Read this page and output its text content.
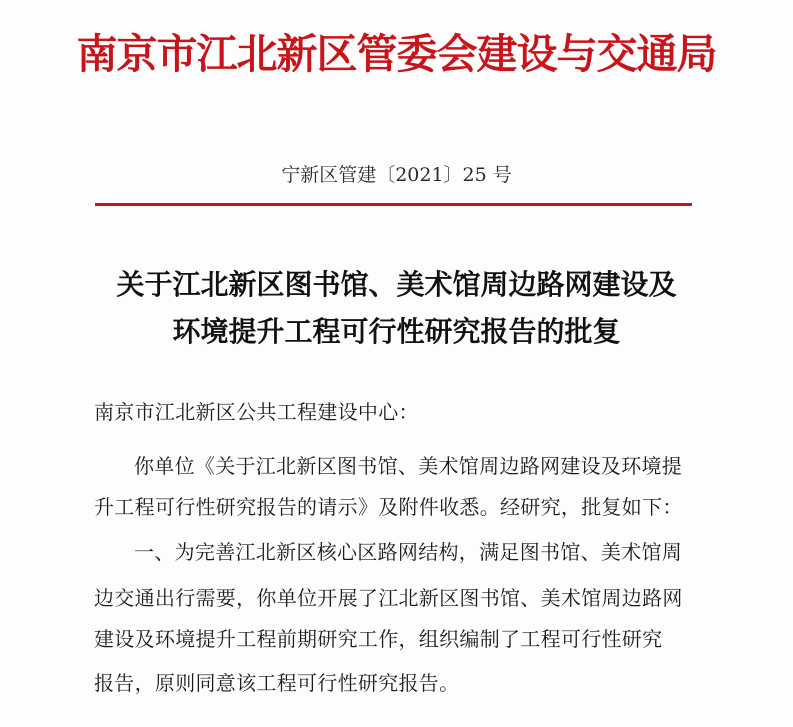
南京市江北新区管委会建设与交通局
宁新区管建〔2021〕25 号
关于江北新区图书馆、美术馆周边路网建设及
环境提升工程可行性研究报告的批复
南京市江北新区公共工程建设中心：
你单位《关于江北新区图书馆、美术馆周边路网建设及环境提
升工程可行性研究报告的请示》及附件收悉。经研究，批复如下：
一、为完善江北新区核心区路网结构，满足图书馆、美术馆周
边交通出行需要，你单位开展了江北新区图书馆、美术馆周边路网
建设及环境提升工程前期研究工作，组织编制了工程可行性研究
报告，原则同意该工程可行性研究报告。
